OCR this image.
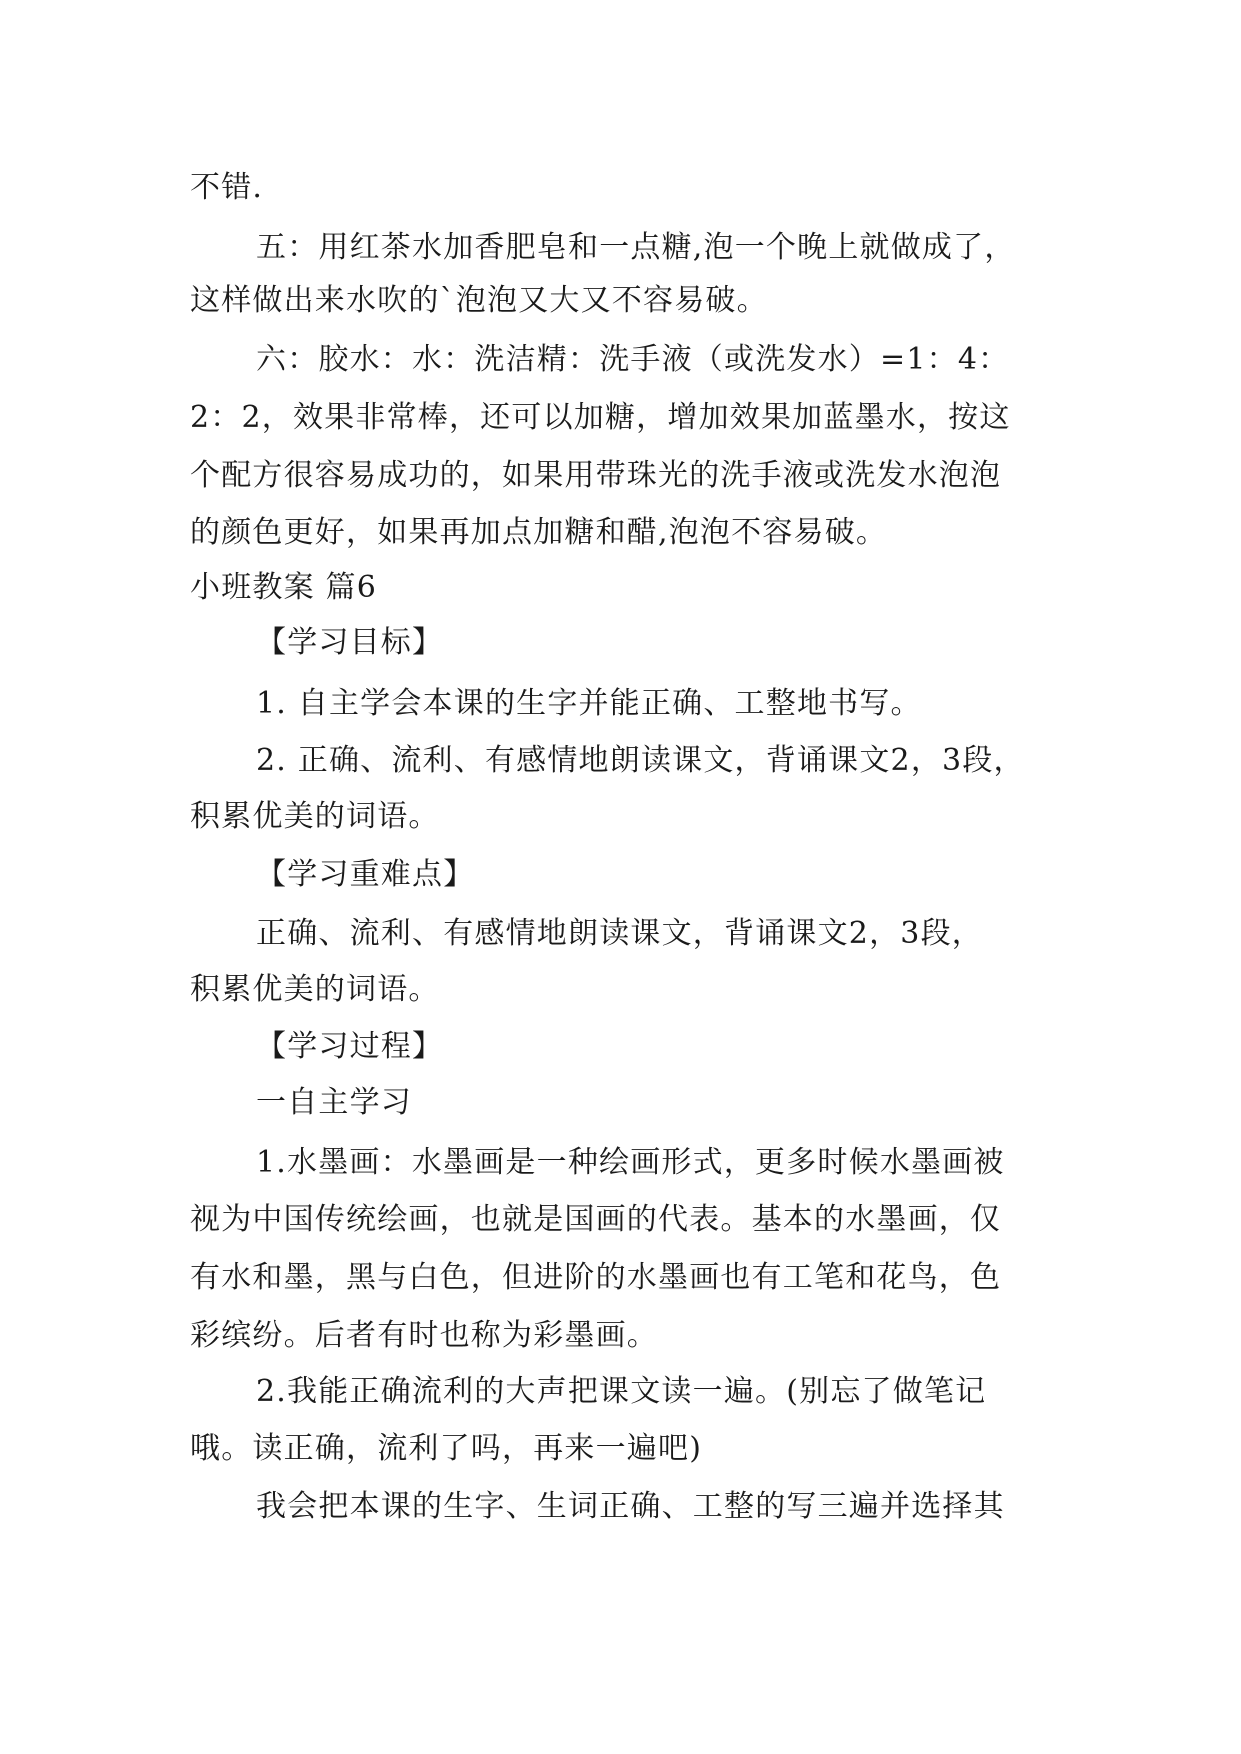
不错.
五：用红茶水加香肥皂和一点糖,泡一个晚上就做成了，
这样做出来水吹的`泡泡又大又不容易破。
六：胶水：水：洗洁精：洗手液（或洗发水）=1：4：
2：2，效果非常棒，还可以加糖，增加效果加蓝墨水，按这
个配方很容易成功的，如果用带珠光的洗手液或洗发水泡泡
的颜色更好，如果再加点加糖和醋,泡泡不容易破。
小班教案 篇6
【学习目标】
1. 自主学会本课的生字并能正确、工整地书写。
2. 正确、流利、有感情地朗读课文，背诵课文2，3段，
积累优美的词语。
【学习重难点】
正确、流利、有感情地朗读课文，背诵课文2，3段，
积累优美的词语。
【学习过程】
一自主学习
1.水墨画：水墨画是一种绘画形式，更多时候水墨画被
视为中国传统绘画，也就是国画的代表。基本的水墨画，仅
有水和墨，黑与白色，但进阶的水墨画也有工笔和花鸟，色
彩缤纷。后者有时也称为彩墨画。
2.我能正确流利的大声把课文读一遍。(别忘了做笔记
哦。读正确，流利了吗，再来一遍吧)
我会把本课的生字、生词正确、工整的写三遍并选择其
